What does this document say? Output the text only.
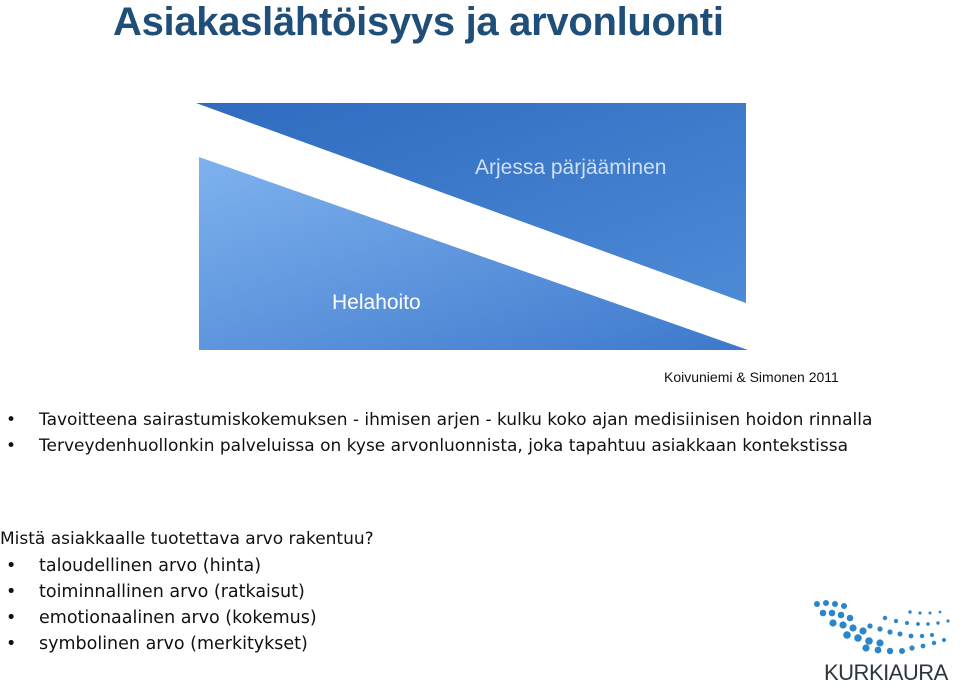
Asiakaslähtöisyys ja arvonluonti
Arjessa pärjääminen
Helahoito
Koivuniemi & Simonen 2011
• Tavoitteena sairastumiskokemuksen - ihmisen arjen - kulku koko ajan medisiinisen hoidon rinnalla
• Terveydenhuollonkin palveluissa on kyse arvonluonnista, joka tapahtuu asiakkaan kontekstissa
Mistä asiakkaalle tuotettava arvo rakentuu?
• taloudellinen arvo (hinta)
• toiminnallinen arvo (ratkaisut)
• emotionaalinen arvo (kokemus)
• symbolinen arvo (merkitykset)
KURKIAURA
